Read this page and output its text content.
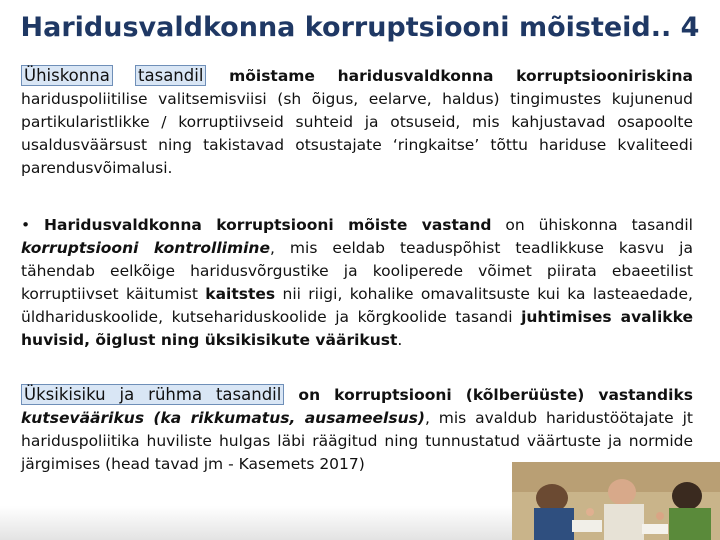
Haridusvaldkonna korruptsiooni mõisteid.. 4
Ühiskonna tasandil mõistame haridusvaldkonna korruptsiooniriskina hariduspoliitilise valitsemisviisi (sh õigus, eelarve, haldus) tingimustes kujunenud partikularistlikke / korruptiivseid suhteid ja otsuseid, mis kahjustavad osapoolte usaldusväärsust ning takistavad otsustajate ‘ringkaitse’ tõttu hariduse kvaliteedi parendusvõimalusi.
• Haridusvaldkonna korruptsiooni mõiste vastand on ühiskonna tasandil korruptsiooni kontrollimine, mis eeldab teaduspõhist teadlikkuse kasvu ja tähendab eelkõige haridusvõrgustike ja kooliperede võimet piirata ebaeetilist korruptiivset käitumist kaitstes nii riigi, kohalike omavalitsuste kui ka lasteaedade, üldhariduskoolide, kutsehariduskoolide ja kõrgkoolide tasandi juhtimises avalikke huvisid, õiglust ning üksikisikute väärikust.
Üksikisiku ja rühma tasandil on korruptsiooni (kõlberüüste) vastandiks kutseväärikus (ka rikkumatus, ausameelsus), mis avaldub haridustöötajate jt hariduspoliitika huviliste hulgas läbi räägitud ning tunnustatud väärtuste ja normide järgimises (head tavad jm - Kasemets 2017)
